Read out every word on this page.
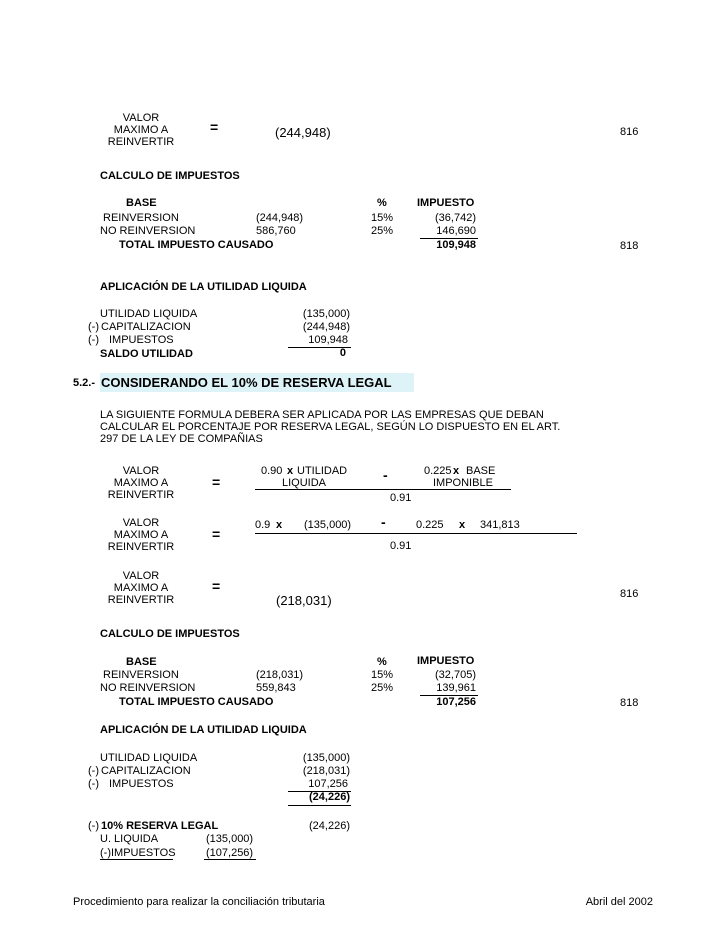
VALOR
MAXIMO A
REINVERTIR
=	(244,948)	816
CALCULO DE IMPUESTOS
BASE	%	IMPUESTO
REINVERSION	(244,948)	15%	(36,742)
NO REINVERSION	586,760	25%	146,690
TOTAL IMPUESTO CAUSADO	109,948	818
APLICACIÓN DE LA UTILIDAD LIQUIDA
UTILIDAD LIQUIDA	(135,000)
(-) CAPITALIZACION	(244,948)
(-) IMPUESTOS	109,948
SALDO UTILIDAD	0
5.2.- CONSIDERANDO EL 10% DE RESERVA LEGAL
LA SIGUIENTE FORMULA DEBERA SER APLICADA POR LAS EMPRESAS QUE DEBAN
CALCULAR EL PORCENTAJE POR RESERVA LEGAL, SEGÚN LO DISPUESTO EN EL ART.
297 DE LA LEY DE COMPAÑIAS
VALOR
MAXIMO A
REINVERTIR
=
0.90 x UTILIDAD
LIQUIDA	-	0.225 x BASE
IMPONIBLE
0.91
VALOR
MAXIMO A
REINVERTIR
=
0.9 x (135,000) -	0.225 x 341,813
0.91
VALOR
MAXIMO A
REINVERTIR
=
(218,031)	816
CALCULO DE IMPUESTOS
BASE	%	IMPUESTO
REINVERSION	(218,031)	15%	(32,705)
NO REINVERSION	559,843	25%	139,961
TOTAL IMPUESTO CAUSADO	107,256	818
APLICACIÓN DE LA UTILIDAD LIQUIDA
UTILIDAD LIQUIDA	(135,000)
(-) CAPITALIZACION	(218,031)
(-) IMPUESTOS	107,256
(24,226)
(-) 10% RESERVA LEGAL	(24,226)
U. LIQUIDA	(135,000)
(-)IMPUESTOS	(107,256)
Procedimiento para realizar la conciliación tributaria	Abril del 2002
